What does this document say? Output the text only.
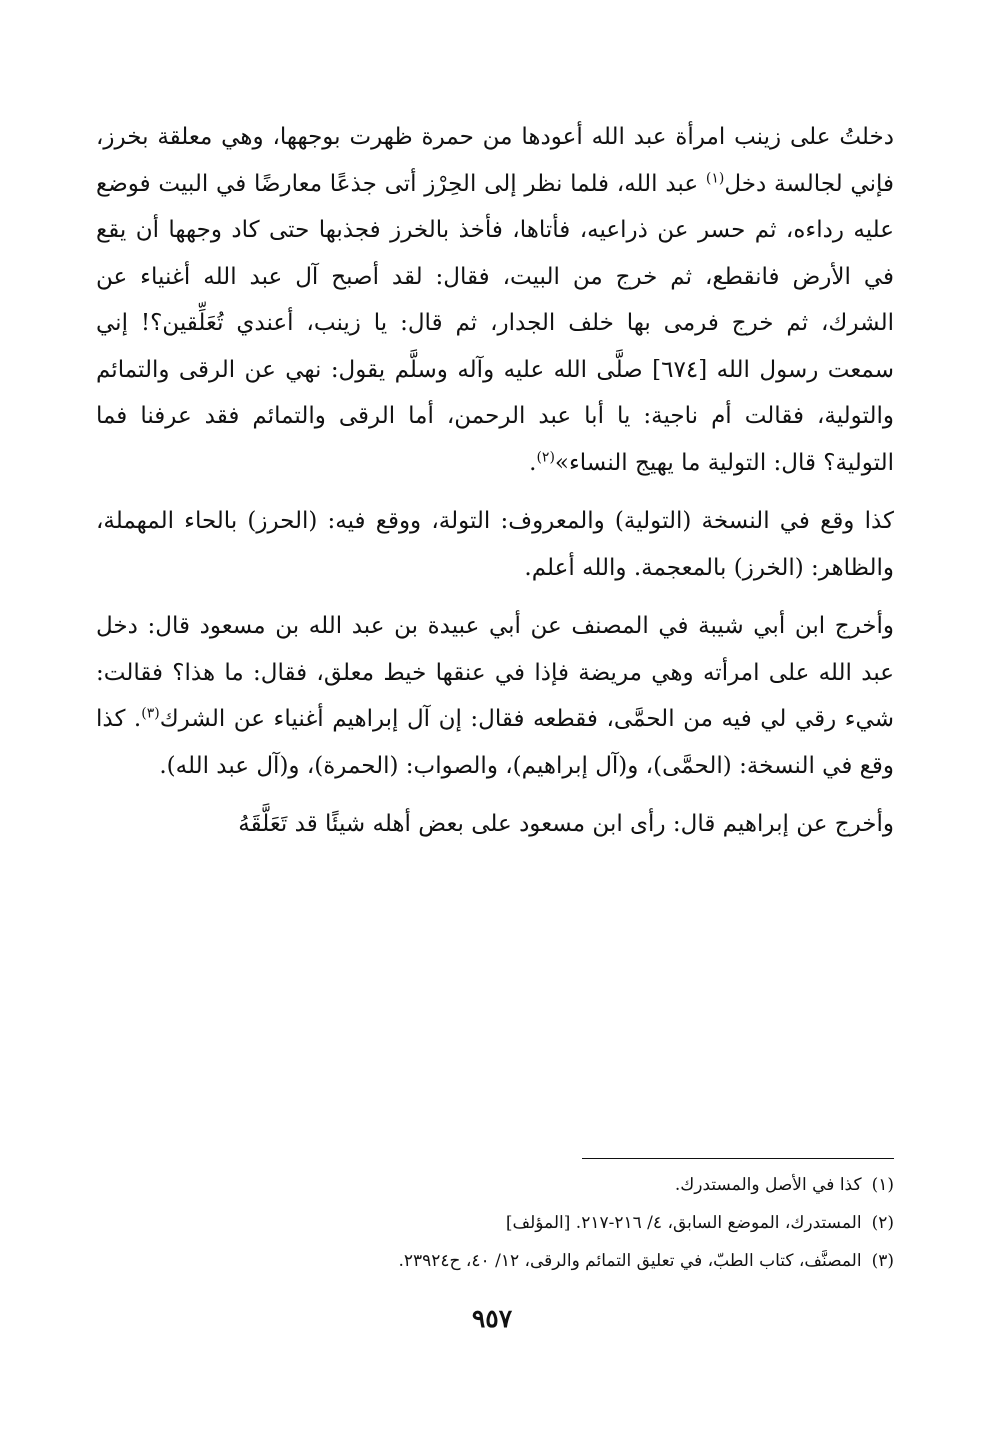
دخلتُ على زينب امرأة عبد الله أعودها من حمرة ظهرت بوجهها، وهي معلقة بخرز، فإني لجالسة دخل$^{(١)}$ عبد الله، فلما نظر إلى الحِرْز أتى جذعًا معارضًا في البيت فوضع عليه رداءه، ثم حسر عن ذراعيه، فأتاها، فأخذ بالخرز فجذبها حتى كاد وجهها أن يقع في الأرض فانقطع، ثم خرج من البيت، فقال: لقد أصبح آل عبد الله أغنياء عن الشرك، ثم خرج فرمى بها خلف الجدار، ثم قال: يا زينب، أعندي تُعَلِّقين؟! إني سمعت رسول الله [٦٧٤] صلَّى الله عليه وآله وسلَّم يقول: نهي عن الرقى والتمائم والتولية، فقالت أم ناجية: يا أبا عبد الرحمن، أما الرقى والتمائم فقد عرفنا فما التولية؟ قال: التولية ما يهيج النساء»$^{(٢)}$.

كذا وقع في النسخة (التولية) والمعروف: التولة، ووقع فيه: (الحرز) بالحاء المهملة، والظاهر: (الخرز) بالمعجمة. والله أعلم.

وأخرج ابن أبي شيبة في المصنف عن أبي عبيدة بن عبد الله بن مسعود قال: دخل عبد الله على امرأته وهي مريضة فإذا في عنقها خيط معلق، فقال: ما هذا؟ فقالت: شيء رقي لي فيه من الحمَّى، فقطعه فقال: إن آل إبراهيم أغنياء عن الشرك$^{(٣)}$. كذا وقع في النسخة: (الحمَّى)، و(آل إبراهيم)، والصواب: (الحمرة)، و(آل عبد الله).

وأخرج عن إبراهيم قال: رأى ابن مسعود على بعض أهله شيئًا قد تَعَلَّقَهُ

(١)كذا في الأصل والمستدرك.
(٢)المستدرك، الموضع السابق، ٤/ ٢١٦-٢١٧. [المؤلف]
(٣)المصنَّف، كتاب الطبّ، في تعليق التمائم والرقى، ١٢/ ٤٠، ح٢٣٩٢٤.
٩٥٧
